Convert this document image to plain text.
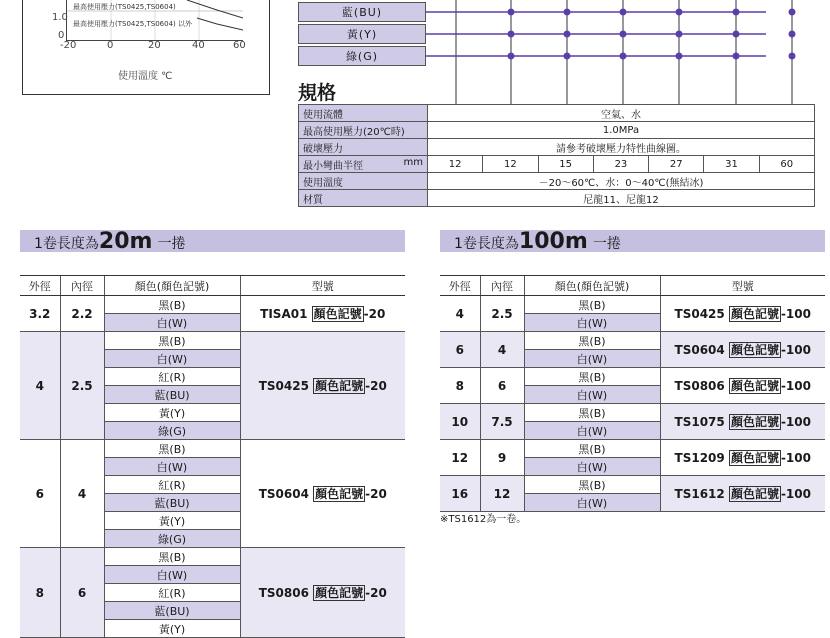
最高使用壓力(TS0425,TS0604)
最高使用壓力(TS0425,TS0604) 以外
1.0
0
-20	0	20	40	60
使用溫度 ℃
藍(BU)
黃(Y)
綠(G)
規格
使用流體	空氣、水						
最高使用壓力(20℃時)	1.0MPa						
破壞壓力	請參考破壞壓力特性曲線圖。						
最小彎曲半徑 mm	12	12	15	23	27	31	60
使用溫度	－20～60℃、水：0～40℃(無結冰)						
材質	尼龍11、尼龍12						
1卷長度為20m 一捲	1卷長度為100m 一捲
外徑	內徑	顏色(顏色記號)	型號
3.2	2.2	黑(B)	TISA01 顏色記號 -20
		白(W)	
4	2.5	黑(B)	TS0425 顏色記號 -20
		白(W)	
		紅(R)	
		藍(BU)	
		黃(Y)	
		綠(G)	
6	4	黑(B)	TS0604 顏色記號 -20
		白(W)	
		紅(R)	
		藍(BU)	
		黃(Y)	
		綠(G)	
8	6	黑(B)	TS0806 顏色記號 -20
		白(W)	
		紅(R)	
		藍(BU)	
		黃(Y)	
外徑	內徑	顏色(顏色記號)	型號
4	2.5	黑(B)	TS0425 顏色記號 -100
		白(W)	
6	4	黑(B)	TS0604 顏色記號 -100
		白(W)	
8	6	黑(B)	TS0806 顏色記號 -100
		白(W)	
10	7.5	黑(B)	TS1075 顏色記號 -100
		白(W)	
12	9	黑(B)	TS1209 顏色記號 -100
		白(W)	
16	12	黑(B)	TS1612 顏色記號 -100
		白(W)	
※TS1612為一卷。
